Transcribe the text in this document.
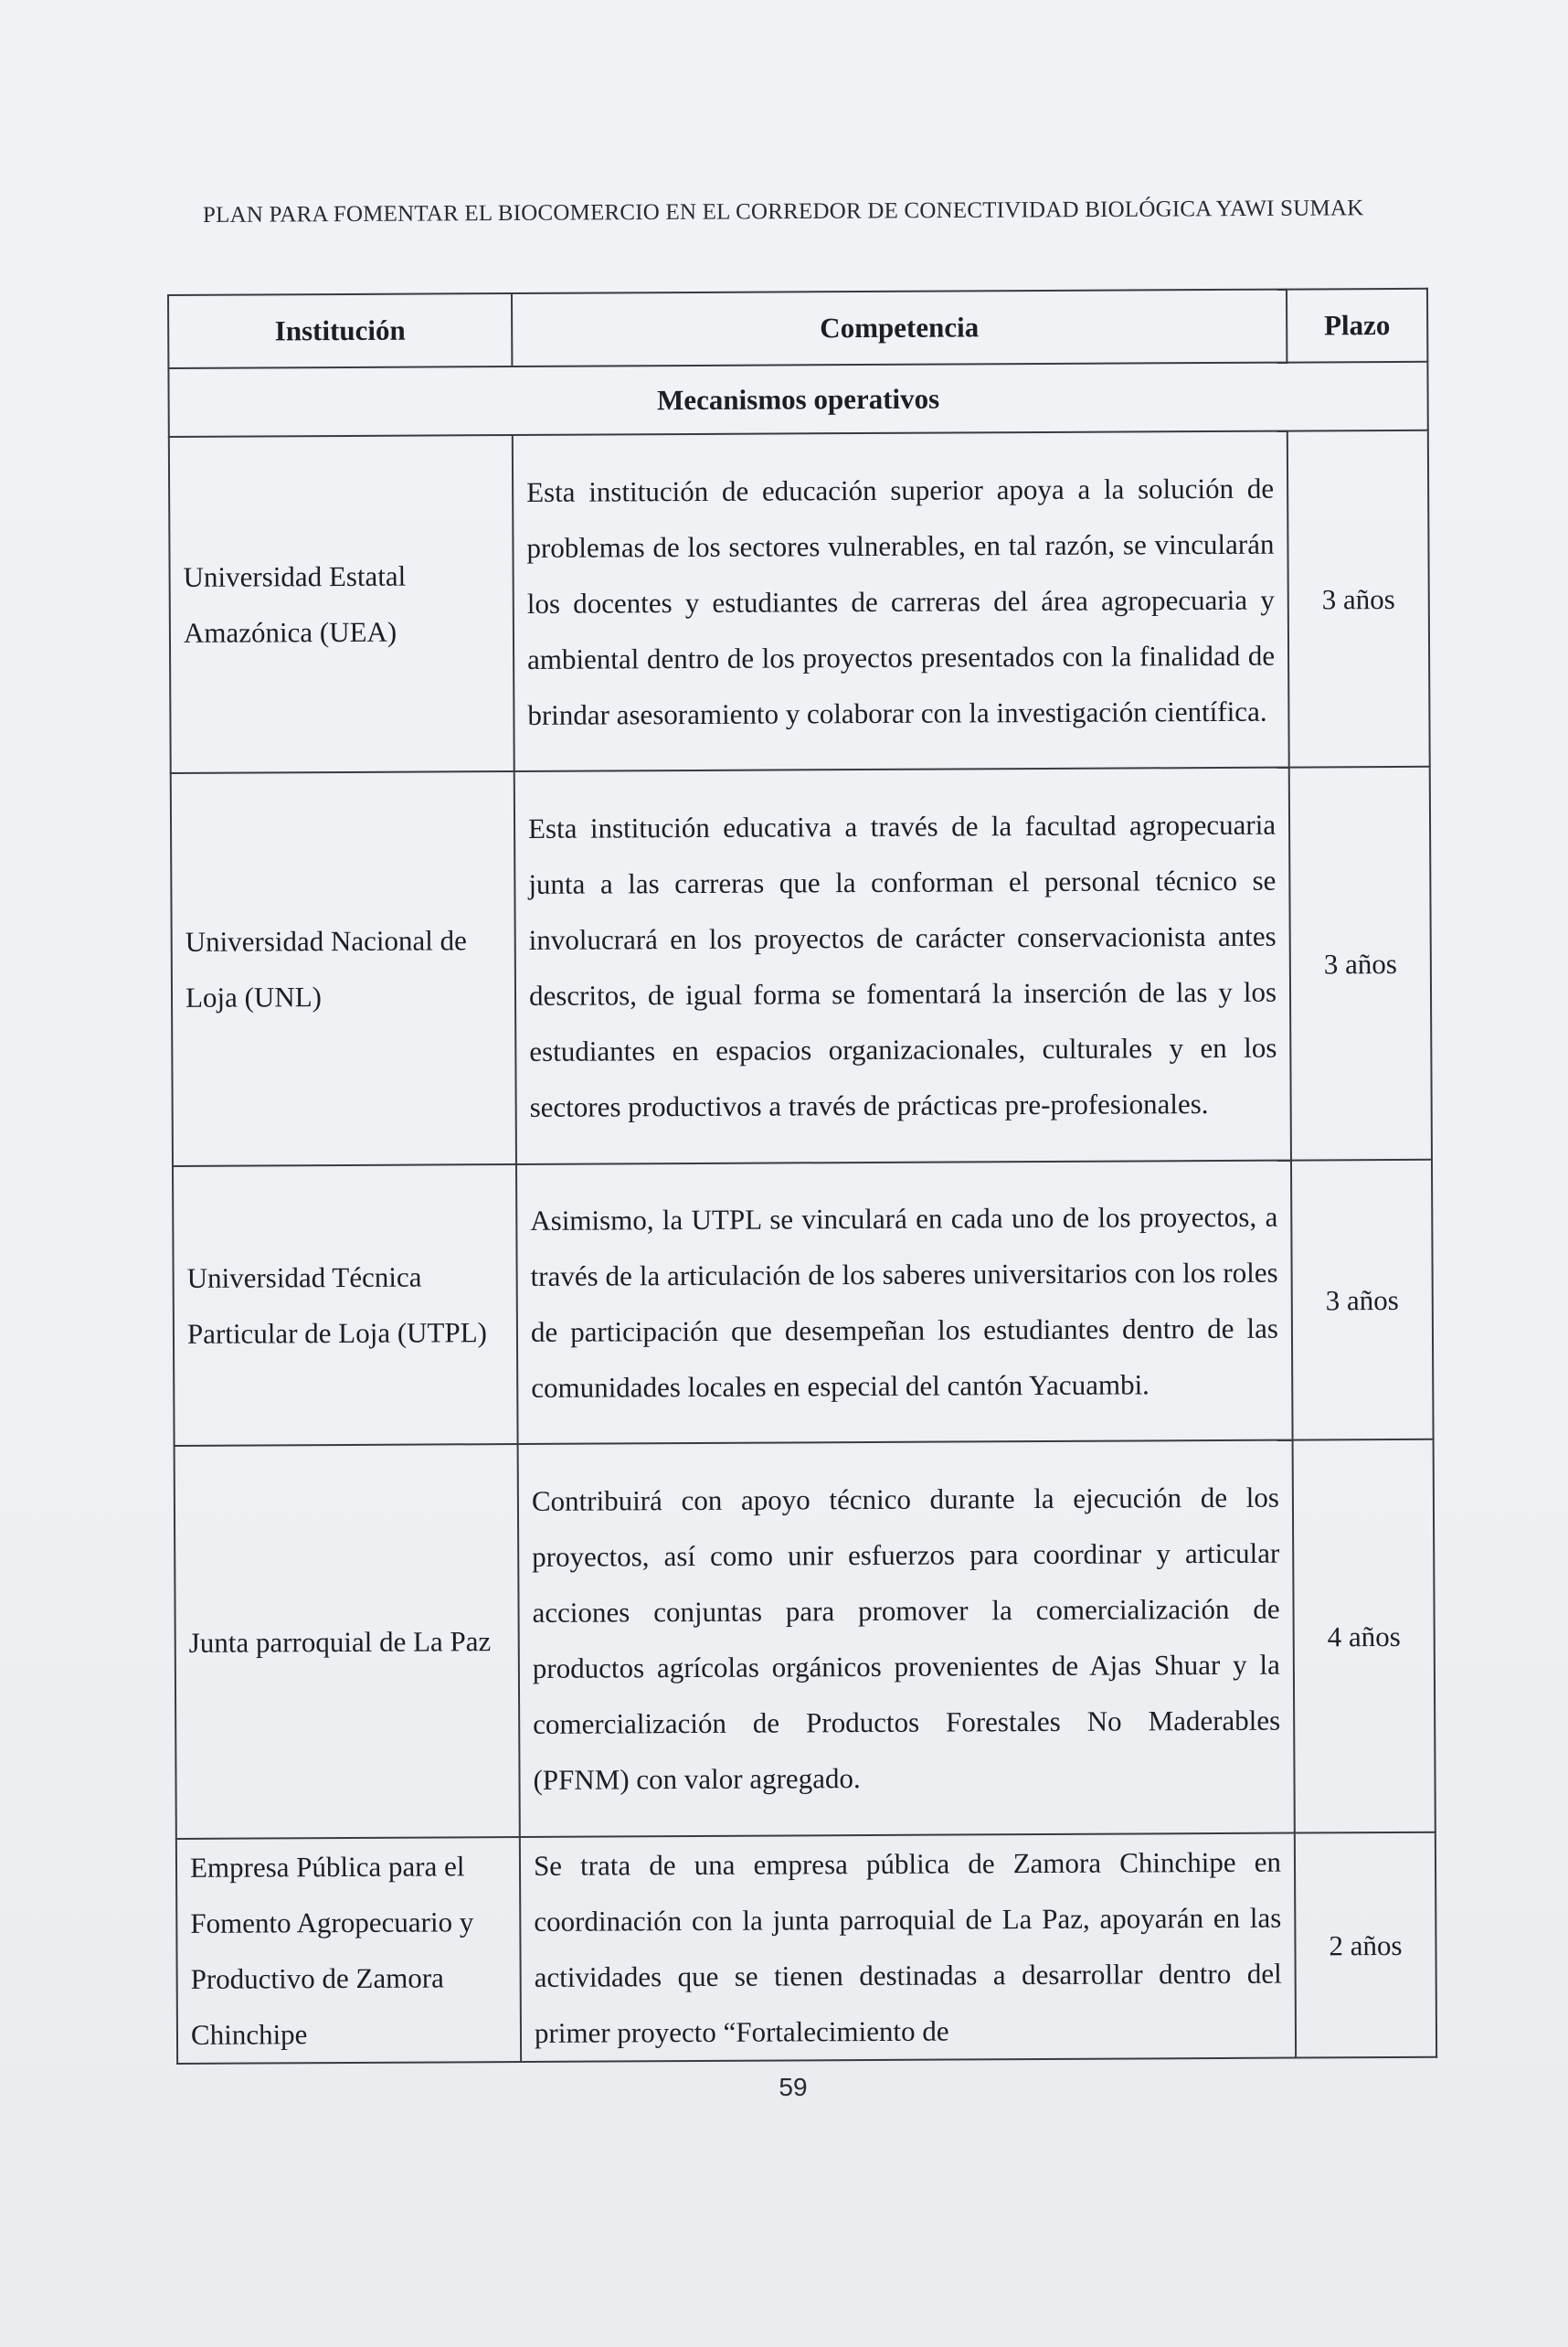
PLAN PARA FOMENTAR EL BIOCOMERCIO EN EL CORREDOR DE CONECTIVIDAD BIOLÓGICA YAWI SUMAK
Institución	Competencia	Plazo
Mecanismos operativos		
Universidad Estatal Amazónica (UEA)	Esta institución de educación superior apoya a la solución de problemas de los sectores vulnerables, en tal razón, se vincularán los docentes y estudiantes de carreras del área agropecuaria y ambiental dentro de los proyectos presentados con la finalidad de brindar asesoramiento y colaborar con la investigación científica.	3 años
Universidad Nacional de Loja (UNL)	Esta institución educativa a través de la facultad agropecuaria junta a las carreras que la conforman el personal técnico se involucrará en los proyectos de carácter conservacionista antes descritos, de igual forma se fomentará la inserción de las y los estudiantes en espacios organizacionales, culturales y en los sectores productivos a través de prácticas pre-profesionales.	3 años
Universidad Técnica Particular de Loja (UTPL)	Asimismo, la UTPL se vinculará en cada uno de los proyectos, a través de la articulación de los saberes universitarios con los roles de participación que desempeñan los estudiantes dentro de las comunidades locales en especial del cantón Yacuambi.	3 años
Junta parroquial de La Paz	Contribuirá con apoyo técnico durante la ejecución de los proyectos, así como unir esfuerzos para coordinar y articular acciones conjuntas para promover la comercialización de productos agrícolas orgánicos provenientes de Ajas Shuar y la comercialización de Productos Forestales No Maderables (PFNM) con valor agregado.	4 años
Empresa Pública para el Fomento Agropecuario y Productivo de Zamora Chinchipe	Se trata de una empresa pública de Zamora Chinchipe en coordinación con la junta parroquial de La Paz, apoyarán en las actividades que se tienen destinadas a desarrollar dentro del primer proyecto “Fortalecimiento de	2 años
59
